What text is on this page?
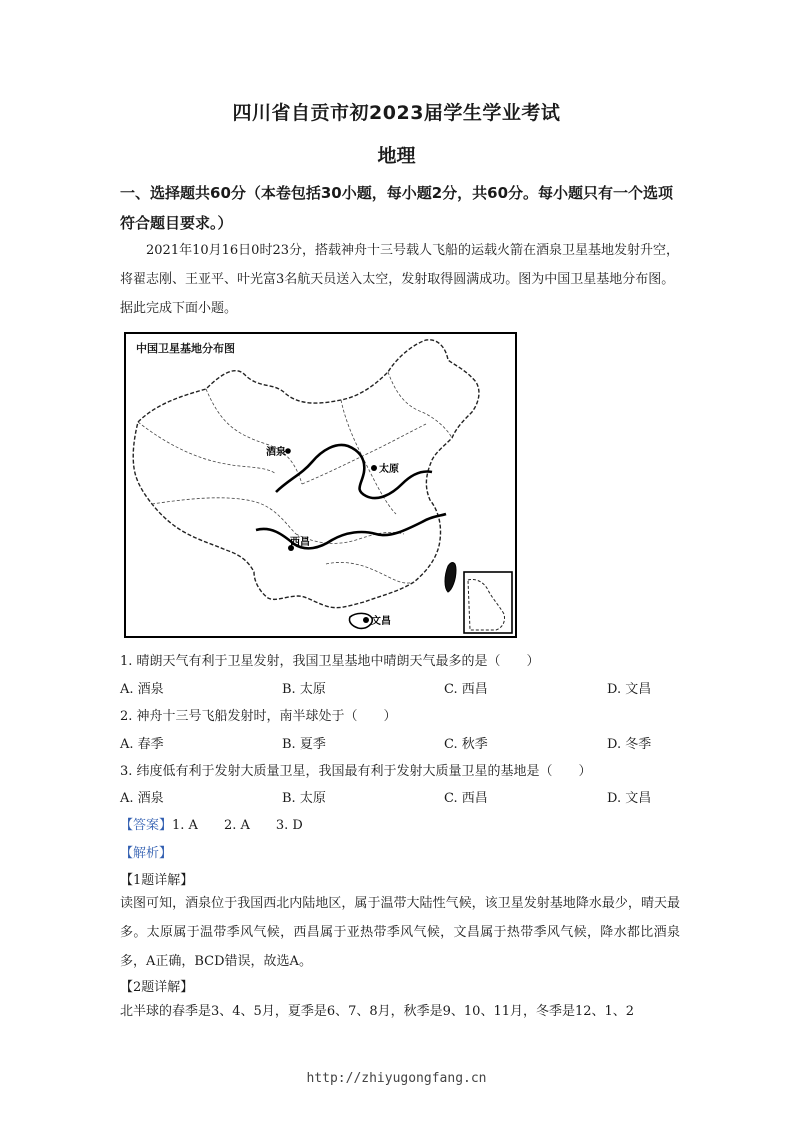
四川省自贡市初2023届学生学业考试
地理
一、选择题共60分（本卷包括30小题，每小题2分，共60分。每小题只有一个选项符合题目要求。）

2021年10月16日0时23分，搭载神舟十三号载人飞船的运载火箭在酒泉卫星基地发射升空，将翟志刚、王亚平、叶光富3名航天员送入太空，发射取得圆满成功。图为中国卫星基地分布图。据此完成下面小题。

酒泉
太原
西昌
文昌
中国卫星基地分布图
1. 晴朗天气有利于卫星发射，我国卫星基地中晴朗天气最多的是（　　）
A. 酒泉	B. 太原	C. 西昌	D. 文昌
2. 神舟十三号飞船发射时，南半球处于（　　）
A. 春季	B. 夏季	C. 秋季	D. 冬季
3. 纬度低有利于发射大质量卫星，我国最有利于发射大质量卫星的基地是（　　）
A. 酒泉	B. 太原	C. 西昌	D. 文昌
【答案】1. A　　2. A　　3. D
【解析】
【1题详解】

读图可知，酒泉位于我国西北内陆地区，属于温带大陆性气候，该卫星发射基地降水最少，晴天最多。太原属于温带季风气候，西昌属于亚热带季风气候，文昌属于热带季风气候，降水都比酒泉多，A正确，BCD错误，故选A。

【2题详解】

北半球的春季是3、4、5月，夏季是6、7、8月，秋季是9、10、11月，冬季是12、1、2

http://zhiyugongfang.cn
